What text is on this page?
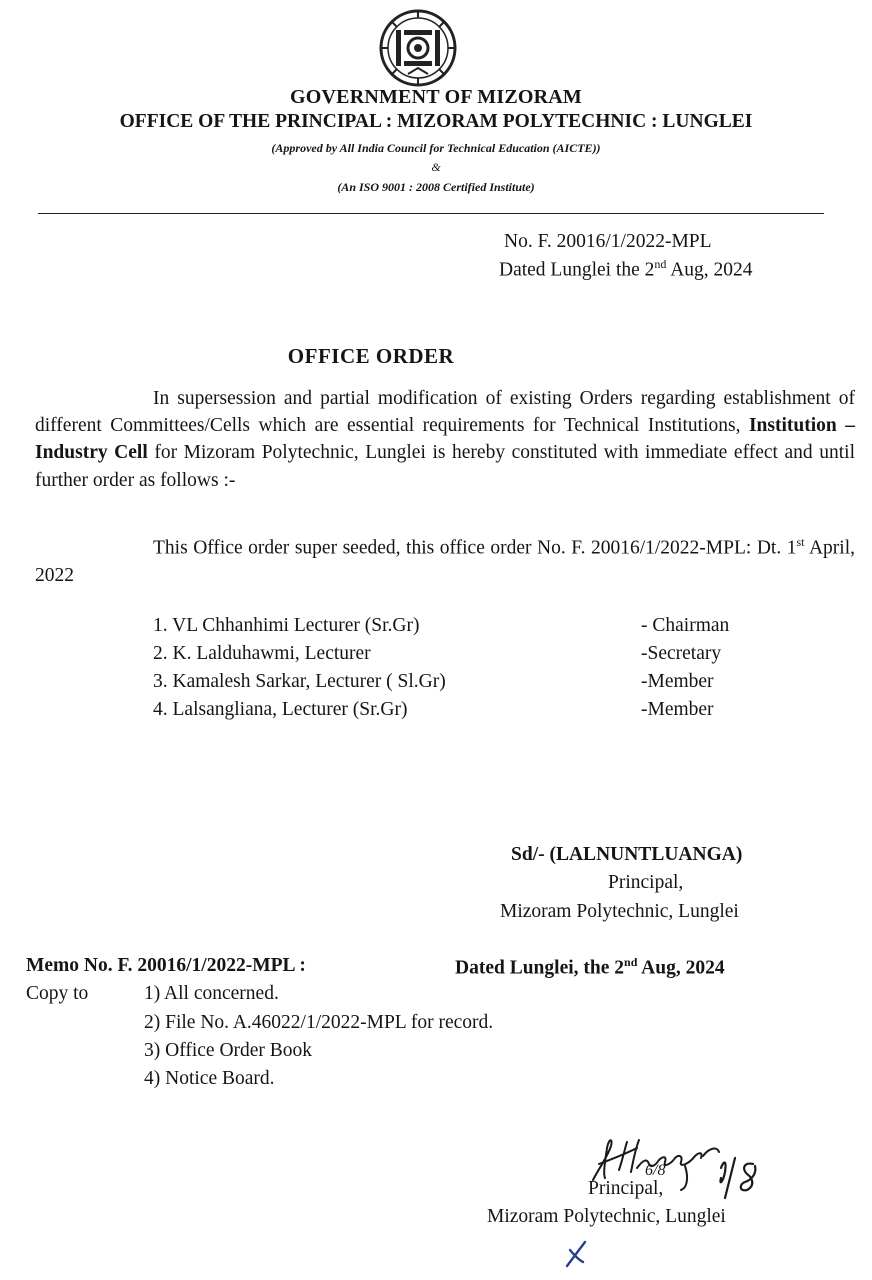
GOVERNMENT OF MIZORAM
OFFICE OF THE PRINCIPAL : MIZORAM POLYTECHNIC : LUNGLEI
(Approved by All India Council for Technical Education (AICTE))
&
(An ISO 9001 : 2008 Certified Institute)
No. F. 20016/1/2022-MPL
Dated Lunglei the 2nd Aug, 2024
OFFICE ORDER

In supersession and partial modification of existing Orders regarding establishment of different Committees/Cells which are essential requirements for Technical Institutions, Institution – Industry Cell for Mizoram Polytechnic, Lunglei is hereby constituted with immediate effect and until further order as follows :-

This Office order super seeded, this office order No. F. 20016/1/2022-MPL: Dt. 1st April, 2022

1. VL Chhanhimi Lecturer (Sr.Gr)	- Chairman
2. K. Lalduhawmi, Lecturer	-Secretary
3. Kamalesh Sarkar, Lecturer ( Sl.Gr)	-Member
4. Lalsangliana, Lecturer (Sr.Gr)	-Member
Sd/- (LALNUNTLUANGA)
Principal,
Mizoram Polytechnic, Lunglei
Memo No. F. 20016/1/2022-MPL :	Dated Lunglei, the 2nd Aug, 2024
Copy to	1) All concerned.
2) File No. A.46022/1/2022-MPL for record.
3) Office Order Book
4) Notice Board.
6/8
Principal,
Mizoram Polytechnic, Lunglei
